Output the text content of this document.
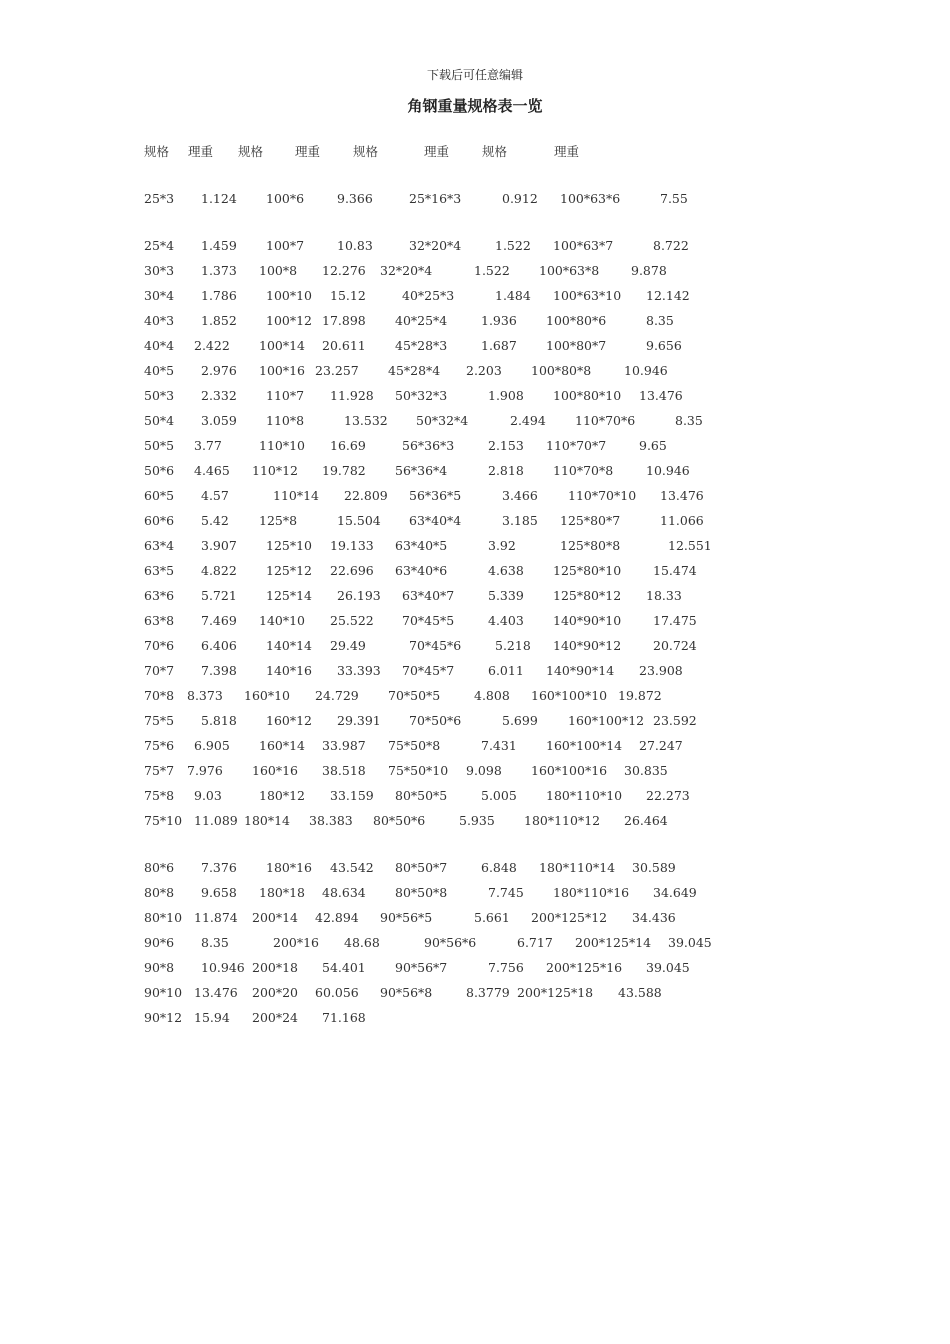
下载后可任意编辑
角钢重量规格表一览
规格 理重 规格	理重	规格	理重	规格	理重
25*3 1.124 100*6	9.366	25*16*3	0.912 100*63*6	7.55
25*4 1.459 100*7	10.83	32*20*4	1.522 100*63*7	8.722
30*3 1.373 100*8 12.276 32*20*4	1.522 100*63*8	9.878
30*4 1.786 100*10 15.12	40*25*3	1.484 100*63*10 12.142
40*3 1.852 100*12 17.898 40*25*4	1.936 100*80*6	8.35
40*4 2.422 100*14 20.611 45*28*3	1.687 100*80*7	9.656
40*5 2.976 100*16 23.257 45*28*4 2.203 100*80*8	10.946
50*3 2.332 110*7 11.928 50*32*3	1.908 100*80*10 13.476
50*4 3.059 110*8	13.532 50*32*4	2.494 110*70*6	8.35
50*5 3.77	110*10 16.69	56*36*3	2.153 110*70*7	9.65
50*6 4.465 110*12 19.782 56*36*4	2.818 110*70*8	10.946
60*5 4.57	110*14 22.809 56*36*5	3.466 110*70*10 13.476
60*6 5.42 125*8	15.504 63*40*4	3.185 125*80*7	11.066
63*4 3.907 125*10 19.133 63*40*5	3.92	125*80*8	12.551
63*5 4.822 125*12 22.696 63*40*6	4.638 125*80*10	15.474
63*6 5.721 125*14 26.193 63*40*7	5.339 125*80*12 18.33
63*8 7.469 140*10 25.522 70*45*5	4.403 140*90*10	17.475
70*6 6.406 140*14 29.49	70*45*6	5.218 140*90*12	20.724
70*7 7.398 140*16 33.393 70*45*7	6.011 140*90*14 23.908
70*8 8.373 160*10 24.729 70*50*5	4.808 160*100*10 19.872
75*5 5.818 160*12 29.391 70*50*6	5.699 160*100*12 23.592
75*6 6.905 160*14 33.987 75*50*8	7.431 160*100*14 27.247
75*7 7.976 160*16 38.518 75*50*10 9.098 160*100*16 30.835
75*8 9.03	180*12 33.159 80*50*5	5.005 180*110*10 22.273
75*10 11.089 180*14 38.383 80*50*6	5.935 180*110*12 26.464
80*6 7.376 180*16 43.542 80*50*7	6.848 180*110*14 30.589
80*8 9.658 180*18 48.634 80*50*8	7.745 180*110*16 34.649
80*10 11.874 200*14 42.894 90*56*5	5.661 200*125*12 34.436
90*6 8.35	200*16 48.68	90*56*6	6.717 200*125*14 39.045
90*8 10.946 200*18 54.401 90*56*7	7.756 200*125*16 39.045
90*10 13.476 200*20 60.056 90*56*8	8.3779 200*125*18 43.588
90*12 15.94 200*24 71.168
